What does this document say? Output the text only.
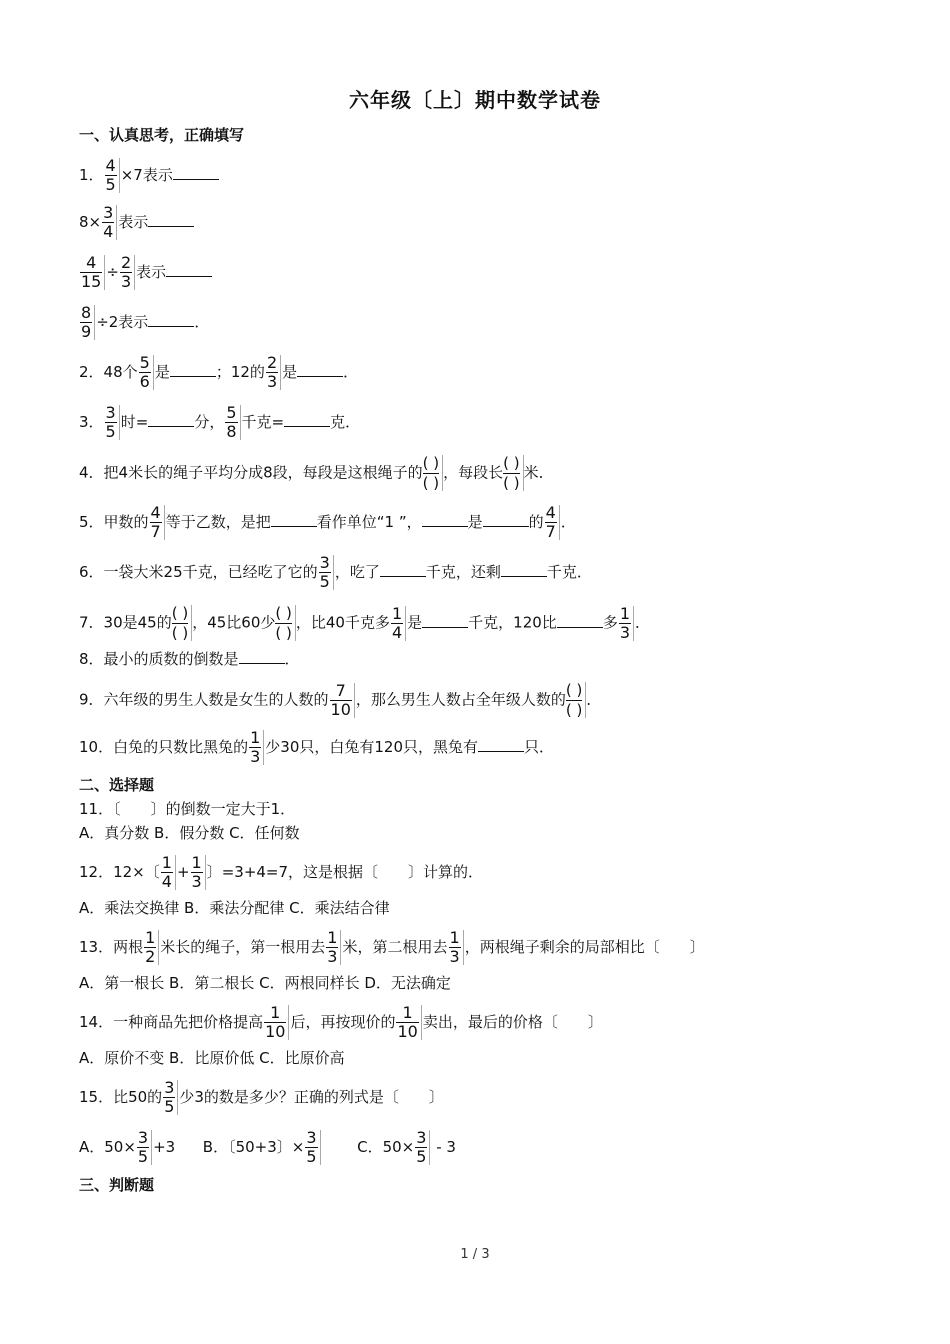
六年级〔上〕期中数学试卷
一、认真思考，正确填写
1． $\frac{4}{5} \times 7$表示
$8\times \frac{3}{4}$ 表示
$\frac{4}{15} \div \frac{2}{3}$ 表示
$\frac{8}{9} \div 2$表示	．
2．48个 $\frac{5}{6}$ 是	；12的 $\frac{2}{3}$ 是	．
3． $\frac{3}{5}$ 时=	分， $\frac{5}{8}$ 千克=	克．
4．把4米长的绳子平均分成8段，每段是这根绳子的
( )
( )
，每段长
( )
( )
米．
5．甲数的 $\frac{4}{7}$ 等于乙数，是把	看作单位“1 ”，	是	的 $\frac{4}{7}$ ．
6．一袋大米25千克，已经吃了它的 $\frac{3}{5}$ ，吃了	千克，还剩	千克．
7．30是45的
( )
( )
，45比60少
( )
( )
，比40千克多 $\frac{1}{4}$ 是	千克，120比	多 $\frac{1}{3}$ ．
8．最小的质数的倒数是	．
9．六年级的男生人数是女生的人数的 $\frac{7}{10}$ ，那么男生人数占全年级人数的
( )
( )
．
10．白兔的只数比黑兔的 $\frac{1}{3}$ 少30只，白兔有120只，黑兔有	只．
二、选择题
11．〔　　〕的倒数一定大于1．
A．真分数 B．假分数 C．任何数
12．12×〔 $\frac{1}{4} + \frac{1}{3}$ 〕=3+4=7，这是根据〔　　〕计算的．
A．乘法交换律 B．乘法分配律 C．乘法结合律
13．两根 $\frac{1}{2}$ 米长的绳子，第一根用去 $\frac{1}{3}$ 米，第二根用去 $\frac{1}{3}$ ，两根绳子剩余的局部相比〔　　〕
A．第一根长 B．第二根长 C．两根同样长 D．无法确定
14．一种商品先把价格提高 $\frac{1}{10}$ 后，再按现价的 $\frac{1}{10}$ 卖出，最后的价格〔　　〕
A．原价不变 B．比原价低 C．比原价高
15．比50的 $\frac{3}{5}$ 少3的数是多少？正确的列式是〔　　〕
A．$50\times \frac{3}{5} +3$ B．〔50+3〕× $\frac{3}{5}$ C．$50\times \frac{3}{5} - 3$
三、判断题
1 / 3
